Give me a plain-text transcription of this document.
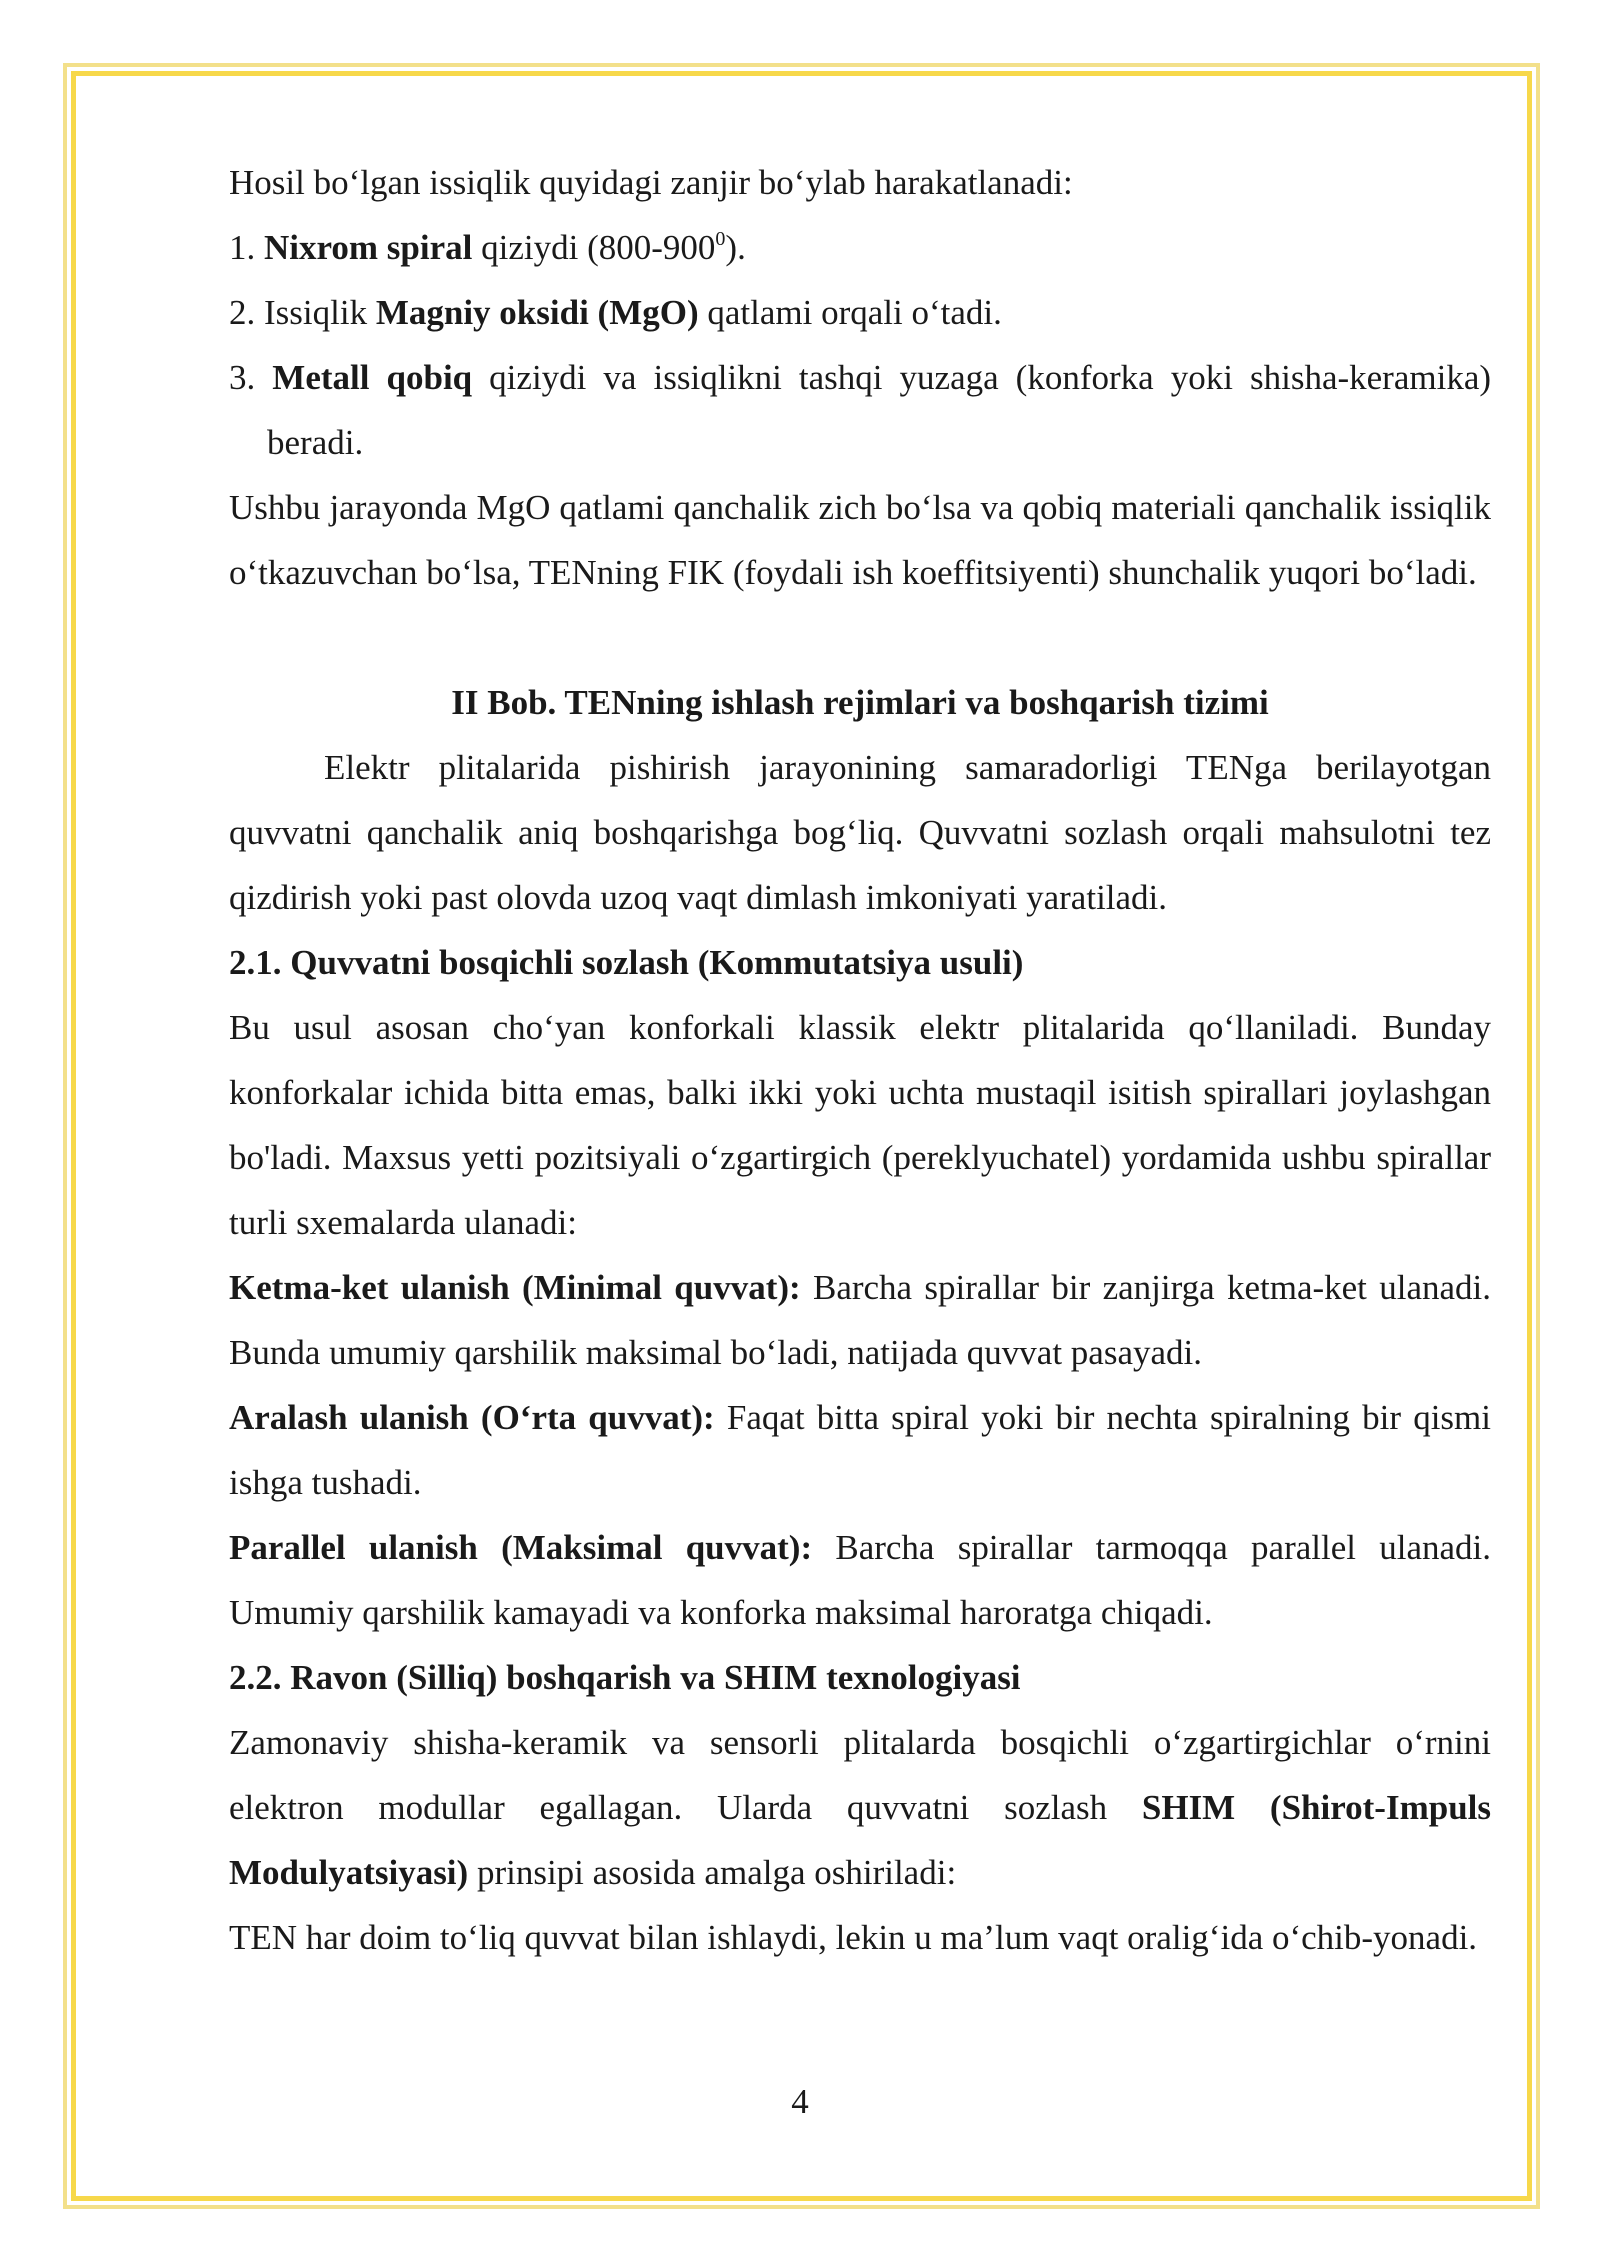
Hosil bo‘lgan issiqlik quyidagi zanjir bo‘ylab harakatlanadi:

1. Nixrom spiral qiziydi $(800-900^0)$.

2. Issiqlik Magniy oksidi (MgO) qatlami orqali o‘tadi.

3. Metall qobiq qiziydi va issiqlikni tashqi yuzaga (konforka yoki shisha-keramika) beradi.

Ushbu jarayonda MgO qatlami qanchalik zich bo‘lsa va qobiq materiali qanchalik issiqlik o‘tkazuvchan bo‘lsa, TENning FIK (foydali ish koeffitsiyenti) shunchalik yuqori bo‘ladi.

II Bob. TENning ishlash rejimlari va boshqarish tizimi

Elektr plitalarida pishirish jarayonining samaradorligi TENga berilayotgan quvvatni qanchalik aniq boshqarishga bog‘liq. Quvvatni sozlash orqali mahsulotni tez qizdirish yoki past olovda uzoq vaqt dimlash imkoniyati yaratiladi.

2.1. Quvvatni bosqichli sozlash (Kommutatsiya usuli)

Bu usul asosan cho‘yan konforkali klassik elektr plitalarida qo‘llaniladi. Bunday konforkalar ichida bitta emas, balki ikki yoki uchta mustaqil isitish spirallari joylashgan bo'ladi. Maxsus yetti pozitsiyali o‘zgartirgich (pereklyuchatel) yordamida ushbu spirallar turli sxemalarda ulanadi:

Ketma-ket ulanish (Minimal quvvat): Barcha spirallar bir zanjirga ketma-ket ulanadi. Bunda umumiy qarshilik maksimal bo‘ladi, natijada quvvat pasayadi.

Aralash ulanish (O‘rta quvvat): Faqat bitta spiral yoki bir nechta spiralning bir qismi ishga tushadi.

Parallel ulanish (Maksimal quvvat): Barcha spirallar tarmoqqa parallel ulanadi. Umumiy qarshilik kamayadi va konforka maksimal haroratga chiqadi.

2.2. Ravon (Silliq) boshqarish va SHIM texnologiyasi

Zamonaviy shisha-keramik va sensorli plitalarda bosqichli o‘zgartirgichlar o‘rnini elektron modullar egallagan. Ularda quvvatni sozlash SHIM (Shirot-Impuls Modulyatsiyasi) prinsipi asosida amalga oshiriladi:

TEN har doim to‘liq quvvat bilan ishlaydi, lekin u ma’lum vaqt oralig‘ida o‘chib-yonadi.

4
